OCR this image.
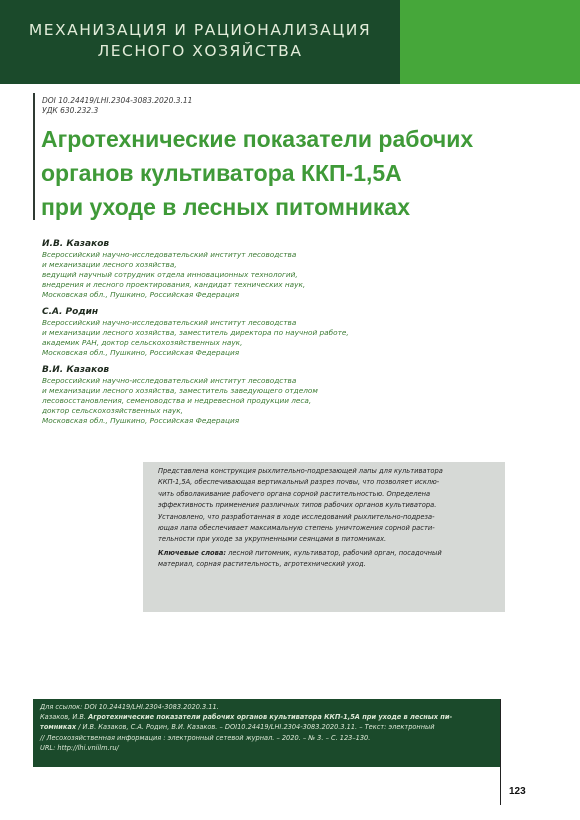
МЕХАНИЗАЦИЯ И РАЦИОНАЛИЗАЦИЯ
ЛЕСНОГО ХОЗЯЙСТВА
DOI 10.24419/LHI.2304-3083.2020.3.11
УДК 630.232.3
Агротехнические показатели рабочих
органов культиватора ККП-1,5А
при уходе в лесных питомниках
И.В. Казаков
Всероссийский научно-исследовательский институт лесоводства
и механизации лесного хозяйства,
ведущий научный сотрудник отдела инновационных технологий,
внедрения и лесного проектирования, кандидат технических наук,
Московская обл., Пушкино, Российская Федерация
С.А. Родин
Всероссийский научно-исследовательский институт лесоводства
и механизации лесного хозяйства, заместитель директора по научной работе,
академик РАН, доктор сельскохозяйственных наук,
Московская обл., Пушкино, Российская Федерация
В.И. Казаков
Всероссийский научно-исследовательский институт лесоводства
и механизации лесного хозяйства, заместитель заведующего отделом
лесовосстановления, семеноводства и недревесной продукции леса,
доктор сельскохозяйственных наук,
Московская обл., Пушкино, Российская Федерация
Представлена конструкция рыхлительно-подрезающей лапы для культиватора
ККП-1,5А, обеспечивающая вертикальный разрез почвы, что позволяет исклю-
чить обволакивание рабочего органа сорной растительностью. Определена
эффективность применения различных типов рабочих органов культиватора.
Установлено, что разработанная в ходе исследований рыхлительно-подреза-
ющая лапа обеспечивает максимальную степень уничтожения сорной расти-
тельности при уходе за укрупненными сеянцами в питомниках.
Ключевые слова: лесной питомник, культиватор, рабочий орган, посадочный
материал, сорная растительность, агротехнический уход.
Для ссылок: DOI 10.24419/LHI.2304-3083.2020.3.11.
Казаков, И.В. Агротехнические показатели рабочих органов культиватора ККП-1,5А при уходе в лесных пи-
томниках / И.В. Казаков, С.А. Родин, В.И. Казаков. – DOI10.24419/LHI.2304-3083.2020.3.11. – Текст: электронный
// Лесохозяйственная информация : электронный сетевой журнал. – 2020. – № 3. – С. 123–130.
URL: http://lhi.vniilm.ru/
123
